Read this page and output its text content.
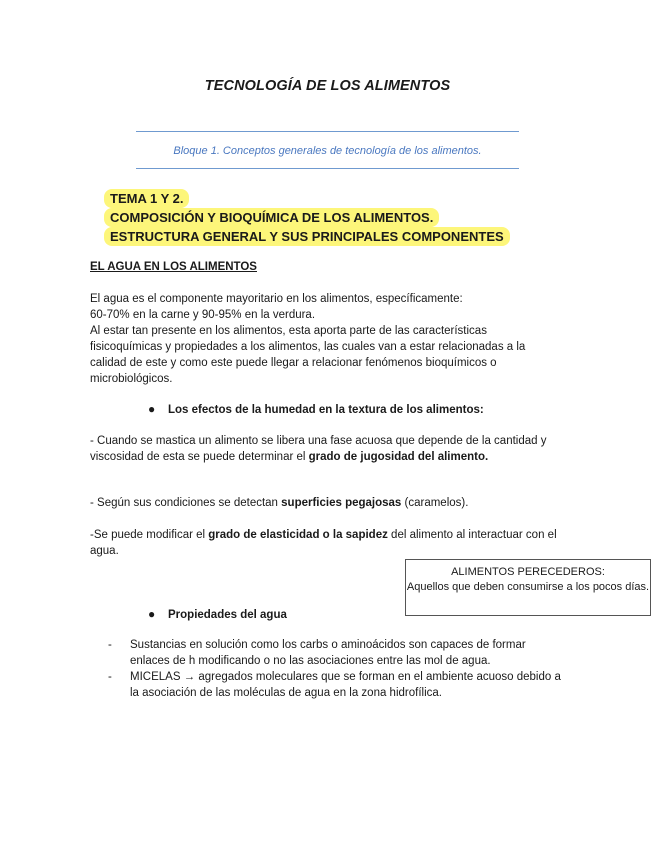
TECNOLOGÍA DE LOS ALIMENTOS
Bloque 1. Conceptos generales de tecnología de los alimentos.
TEMA 1 Y 2.
COMPOSICIÓN Y BIOQUÍMICA DE LOS ALIMENTOS.
ESTRUCTURA GENERAL Y SUS PRINCIPALES COMPONENTES
EL AGUA EN LOS ALIMENTOS

El agua es el componente mayoritario en los alimentos, específicamente:

60-70% en la carne y 90-95% en la verdura.

Al estar tan presente en los alimentos, esta aporta parte de las características fisicoquímicas y propiedades a los alimentos, las cuales van a estar relacionadas a la calidad de este y como este puede llegar a relacionar fenómenos bioquímicos o microbiológicos.

● Los efectos de la humedad en la textura de los alimentos:
- Cuando se mastica un alimento se libera una fase acuosa que depende de la cantidad y viscosidad de esta se puede determinar el grado de jugosidad del alimento.
- Según sus condiciones se detectan superficies pegajosas (caramelos).
-Se puede modificar el grado de elasticidad o la sapidez del alimento al interactuar con el agua.
ALIMENTOS PERECEDEROS:
Aquellos que deben consumirse a los pocos días.
● Propiedades del agua
- Sustancias en solución como los carbs o aminoácidos son capaces de formar enlaces de h modificando o no las asociaciones entre las mol de agua.
- MICELAS → agregados moleculares que se forman en el ambiente acuoso debido a la asociación de las moléculas de agua en la zona hidrofílica.
